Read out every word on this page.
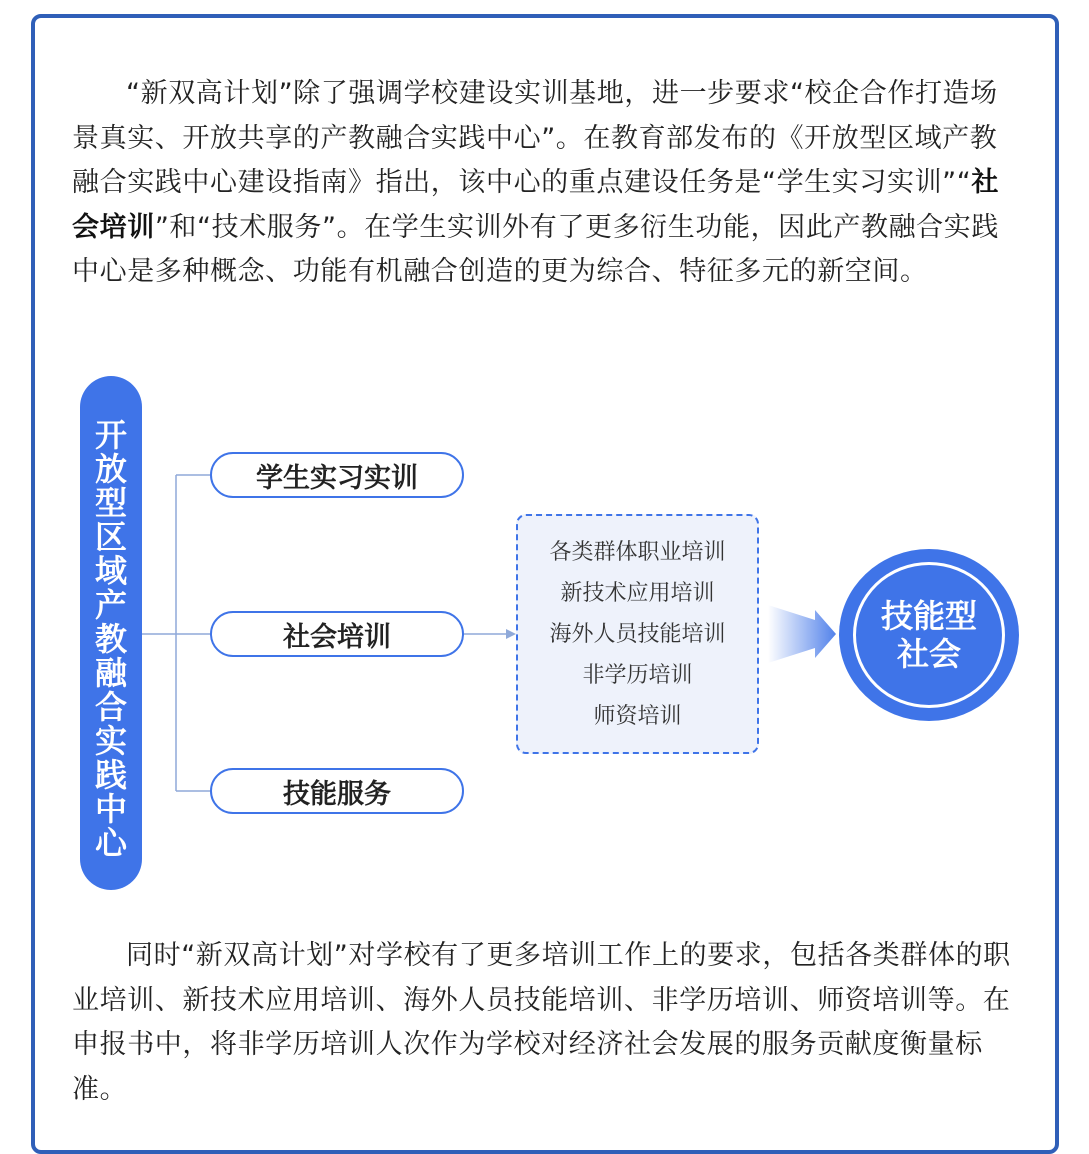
“新双高计划”除了强调学校建设实训基地，进一步要求“校企合作打造场景真实、开放共享的产教融合实践中心”。在教育部发布的《开放型区域产教融合实践中心建设指南》指出，该中心的重点建设任务是“学生实习实训”“社会培训”和“技术服务”。在学生实训外有了更多衍生功能，因此产教融合实践中心是多种概念、功能有机融合创造的更为综合、特征多元的新空间。

开放型区域产教融合实践中心
学生实习实训
社会培训
技能服务
各类群体职业培训
新技术应用培训
海外人员技能培训
非学历培训
师资培训
技能型
社会

同时“新双高计划”对学校有了更多培训工作上的要求，包括各类群体的职业培训、新技术应用培训、海外人员技能培训、非学历培训、师资培训等。在申报书中，将非学历培训人次作为学校对经济社会发展的服务贡献度衡量标准。
